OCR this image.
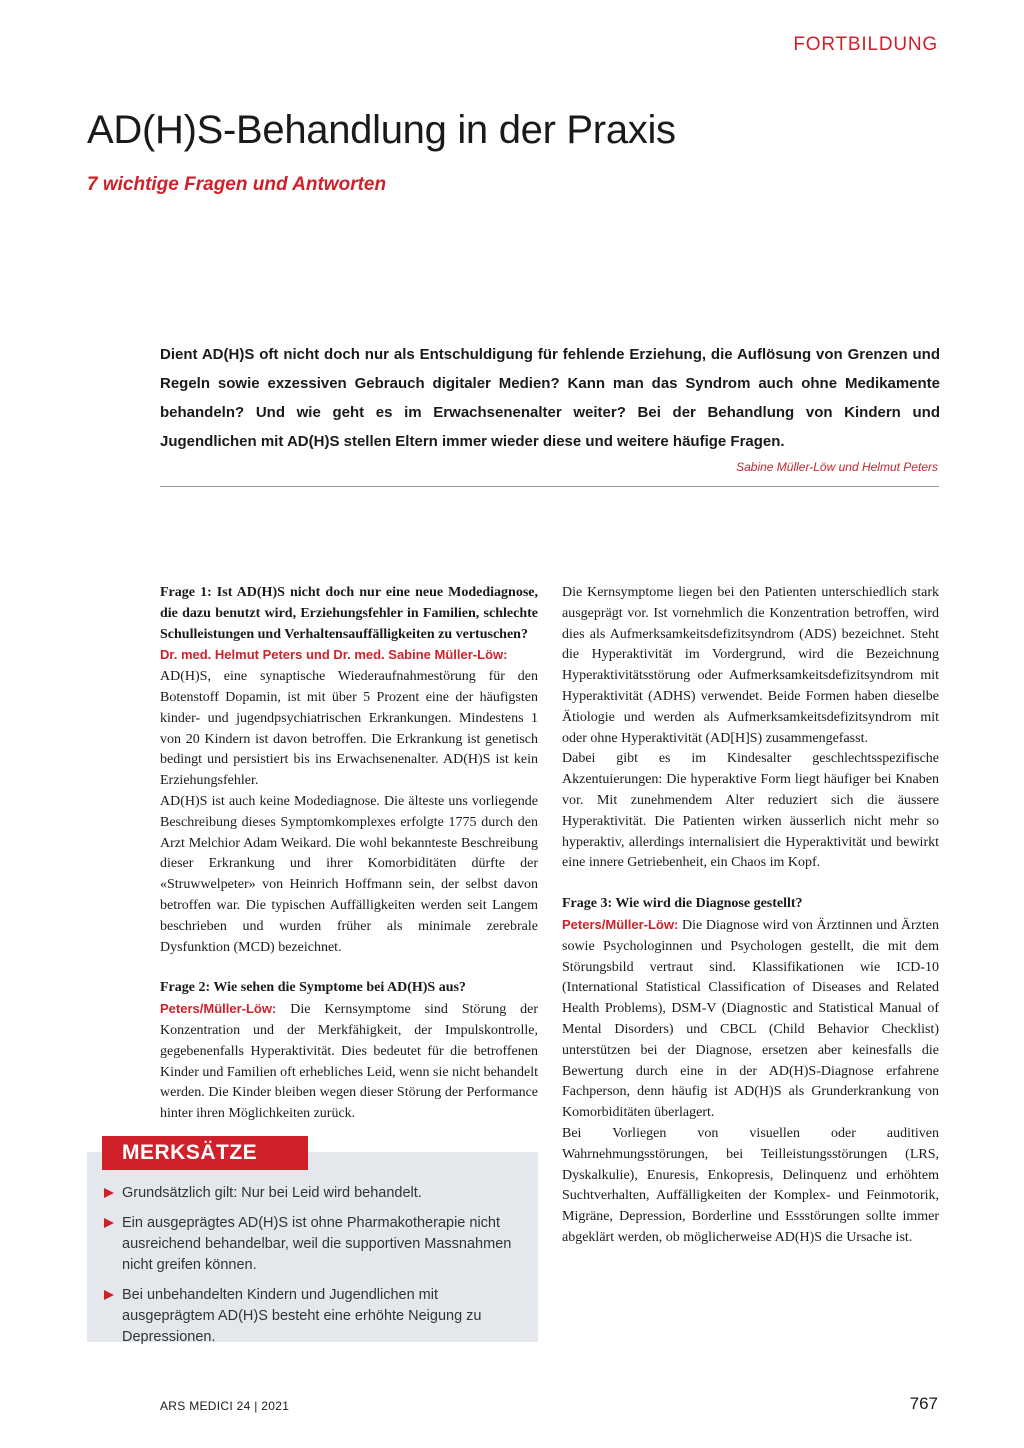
FORTBILDUNG
AD(H)S-Behandlung in der Praxis
7 wichtige Fragen und Antworten

Dient AD(H)S oft nicht doch nur als Entschuldigung für fehlende Erziehung, die Auflösung von Grenzen und Regeln sowie exzessiven Gebrauch digitaler Medien? Kann man das Syndrom auch ohne Medikamente behandeln? Und wie geht es im Erwachsenenalter weiter? Bei der Behandlung von Kindern und Jugendlichen mit AD(H)S stellen Eltern immer wieder diese und weitere häufige Fragen.

Sabine Müller-Löw und Helmut Peters

Frage 1: Ist AD(H)S nicht doch nur eine neue Modediagnose, die dazu benutzt wird, Erziehungsfehler in Familien, schlechte Schulleistungen und Verhaltensauffälligkeiten zu vertuschen?

Dr. med. Helmut Peters und Dr. med. Sabine Müller-Löw:

AD(H)S, eine synaptische Wiederaufnahmestörung für den Botenstoff Dopamin, ist mit über 5 Prozent eine der häufigsten kinder- und jugendpsychiatrischen Erkrankungen. Mindestens 1 von 20 Kindern ist davon betroffen. Die Erkrankung ist genetisch bedingt und persistiert bis ins Erwachsenenalter. AD(H)S ist kein Erziehungsfehler.

AD(H)S ist auch keine Modediagnose. Die älteste uns vorliegende Beschreibung dieses Symptomkomplexes erfolgte 1775 durch den Arzt Melchior Adam Weikard. Die wohl bekannteste Beschreibung dieser Erkrankung und ihrer Komorbiditäten dürfte der «Struwwelpeter» von Heinrich Hoffmann sein, der selbst davon betroffen war. Die typischen Auffälligkeiten werden seit Langem beschrieben und wurden früher als minimale zerebrale Dysfunktion (MCD) bezeichnet.

Frage 2: Wie sehen die Symptome bei AD(H)S aus?

Peters/Müller-Löw: Die Kernsymptome sind Störung der Konzentration und der Merkfähigkeit, der Impulskontrolle, gegebenenfalls Hyperaktivität. Dies bedeutet für die betroffenen Kinder und Familien oft erhebliches Leid, wenn sie nicht behandelt werden. Die Kinder bleiben wegen dieser Störung der Performance hinter ihren Möglichkeiten zurück.

Die Kernsymptome liegen bei den Patienten unterschiedlich stark ausgeprägt vor. Ist vornehmlich die Konzentration betroffen, wird dies als Aufmerksamkeitsdefizitsyndrom (ADS) bezeichnet. Steht die Hyperaktivität im Vordergrund, wird die Bezeichnung Hyperaktivitätsstörung oder Aufmerksamkeitsdefizitsyndrom mit Hyperaktivität (ADHS) verwendet. Beide Formen haben dieselbe Ätiologie und werden als Aufmerksamkeitsdefizitsyndrom mit oder ohne Hyperaktivität (AD[H]S) zusammengefasst.

Dabei gibt es im Kindesalter geschlechtsspezifische Akzentuierungen: Die hyperaktive Form liegt häufiger bei Knaben vor. Mit zunehmendem Alter reduziert sich die äussere Hyperaktivität. Die Patienten wirken äusserlich nicht mehr so hyperaktiv, allerdings internalisiert die Hyperaktivität und bewirkt eine innere Getriebenheit, ein Chaos im Kopf.

Frage 3: Wie wird die Diagnose gestellt?

Peters/Müller-Löw: Die Diagnose wird von Ärztinnen und Ärzten sowie Psychologinnen und Psychologen gestellt, die mit dem Störungsbild vertraut sind. Klassifikationen wie ICD-10 (International Statistical Classification of Diseases and Related Health Problems), DSM-V (Diagnostic and Statistical Manual of Mental Disorders) und CBCL (Child Behavior Checklist) unterstützen bei der Diagnose, ersetzen aber keinesfalls die Bewertung durch eine in der AD(H)S-Diagnose erfahrene Fachperson, denn häufig ist AD(H)S als Grunderkrankung von Komorbiditäten überlagert.

Bei Vorliegen von visuellen oder auditiven Wahrnehmungsstörungen, bei Teilleistungsstörungen (LRS, Dyskalkulie), Enuresis, Enkopresis, Delinquenz und erhöhtem Suchtverhalten, Auffälligkeiten der Komplex- und Feinmotorik, Migräne, Depression, Borderline und Essstörungen sollte immer abgeklärt werden, ob möglicherweise AD(H)S die Ursache ist.

MERKSÄTZE
Grundsätzlich gilt: Nur bei Leid wird behandelt.
Ein ausgeprägtes AD(H)S ist ohne Pharmakotherapie nicht ausreichend behandelbar, weil die supportiven Massnahmen nicht greifen können.
Bei unbehandelten Kindern und Jugendlichen mit ausgeprägtem AD(H)S besteht eine erhöhte Neigung zu Depressionen.
ARS MEDICI 24 | 2021	767
